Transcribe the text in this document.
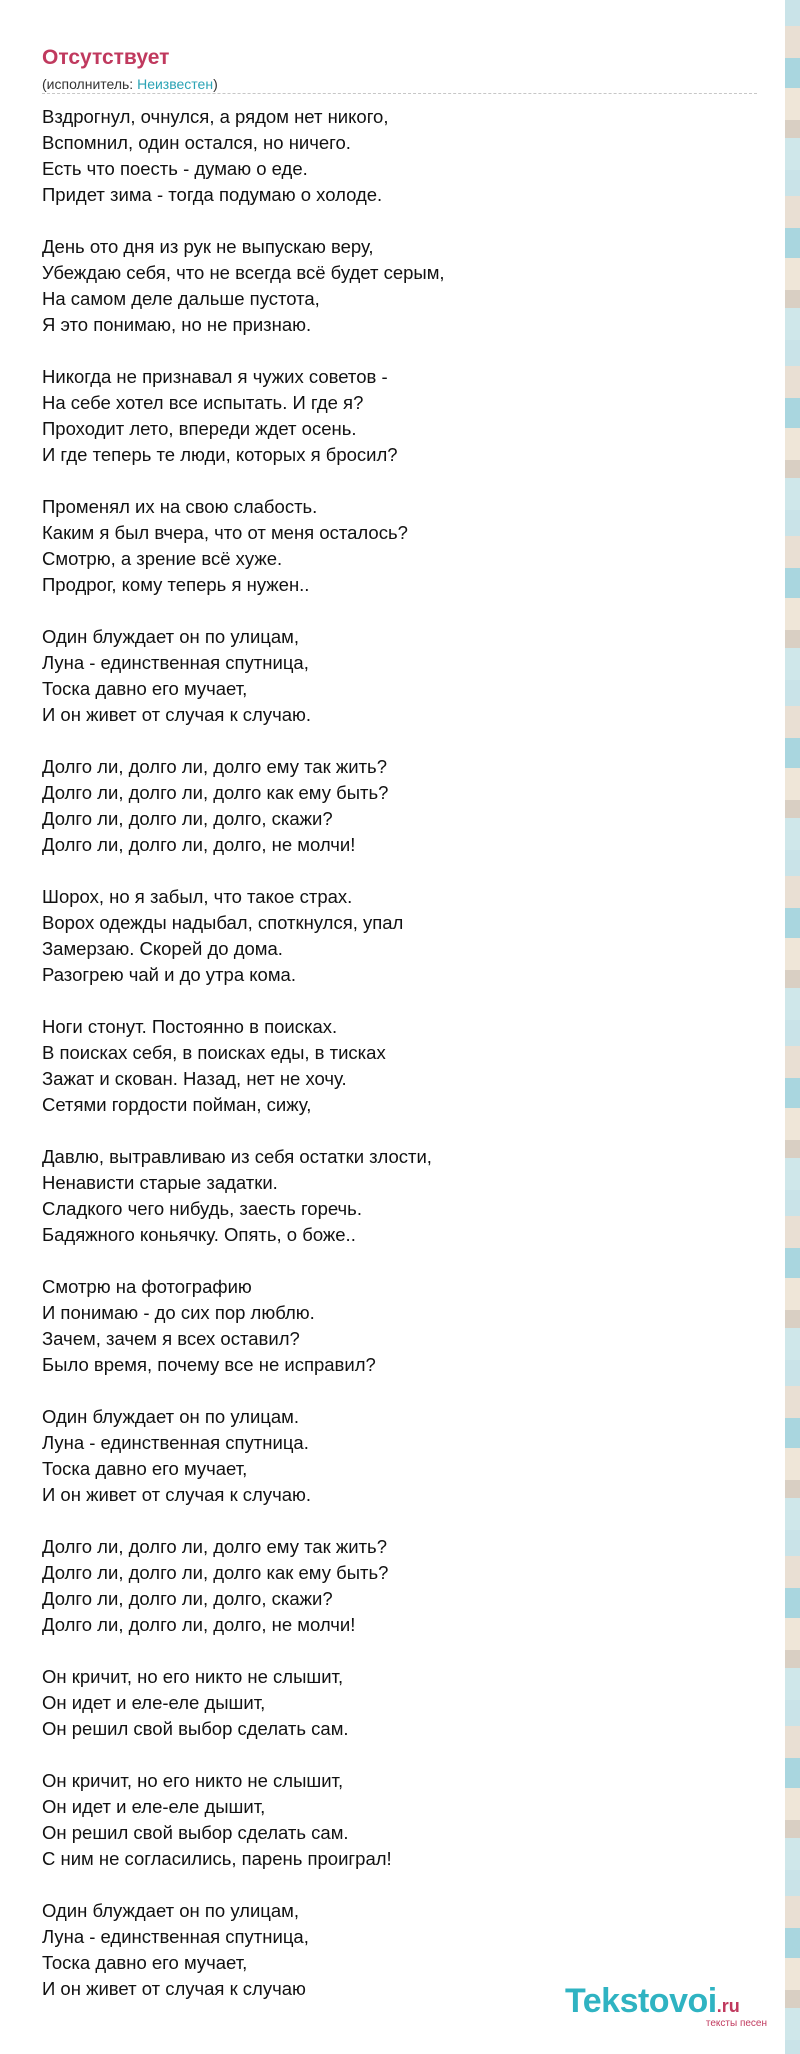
Отсутствует
(исполнитель: Неизвестен)
Вздрогнул, очнулся, а рядом нет никого,
Вспомнил, один остался, но ничего.
Есть что поесть - думаю о еде.
Придет зима - тогда подумаю о холоде.
День ото дня из рук не выпускаю веру,
Убеждаю себя, что не всегда всё будет серым,
На самом деле дальше пустота,
Я это понимаю, но не признаю.
Никогда не признавал я чужих советов -
На себе хотел все испытать. И где я?
Проходит лето, впереди ждет осень.
И где теперь те люди, которых я бросил?
Променял их на свою слабость.
Каким я был вчера, что от меня осталось?
Смотрю, а зрение всё хуже.
Продрог, кому теперь я нужен..
Один блуждает он по улицам,
Луна - единственная спутница,
Тоска давно его мучает,
И он живет от случая к случаю.
Долго ли, долго ли, долго ему так жить?
Долго ли, долго ли, долго как ему быть?
Долго ли, долго ли, долго, скажи?
Долго ли, долго ли, долго, не молчи!
Шорох, но я забыл, что такое страх.
Ворох одежды надыбал, споткнулся, упал
Замерзаю. Скорей до дома.
Разогрею чай и до утра кома.
Ноги стонут. Постоянно в поисках.
В поисках себя, в поисках еды, в тисках
Зажат и скован. Назад, нет не хочу.
Сетями гордости пойман, сижу,
Давлю, вытравливаю из себя остатки злости,
Ненависти старые задатки.
Сладкого чего нибудь, заесть горечь.
Бадяжного коньячку. Опять, о боже..
Смотрю на фотографию
И понимаю - до сих пор люблю.
Зачем, зачем я всех оставил?
Было время, почему все не исправил?
Один блуждает он по улицам.
Луна - единственная спутница.
Тоска давно его мучает,
И он живет от случая к случаю.
Долго ли, долго ли, долго ему так жить?
Долго ли, долго ли, долго как ему быть?
Долго ли, долго ли, долго, скажи?
Долго ли, долго ли, долго, не молчи!
Он кричит, но его никто не слышит,
Он идет и еле-еле дышит,
Он решил свой выбор сделать сам.
Он кричит, но его никто не слышит,
Он идет и еле-еле дышит,
Он решил свой выбор сделать сам.
С ним не согласились, парень проиграл!
Один блуждает он по улицам,
Луна - единственная спутница,
Тоска давно его мучает,
И он живет от случая к случаю	Tekstovoi.ru
тексты песен
